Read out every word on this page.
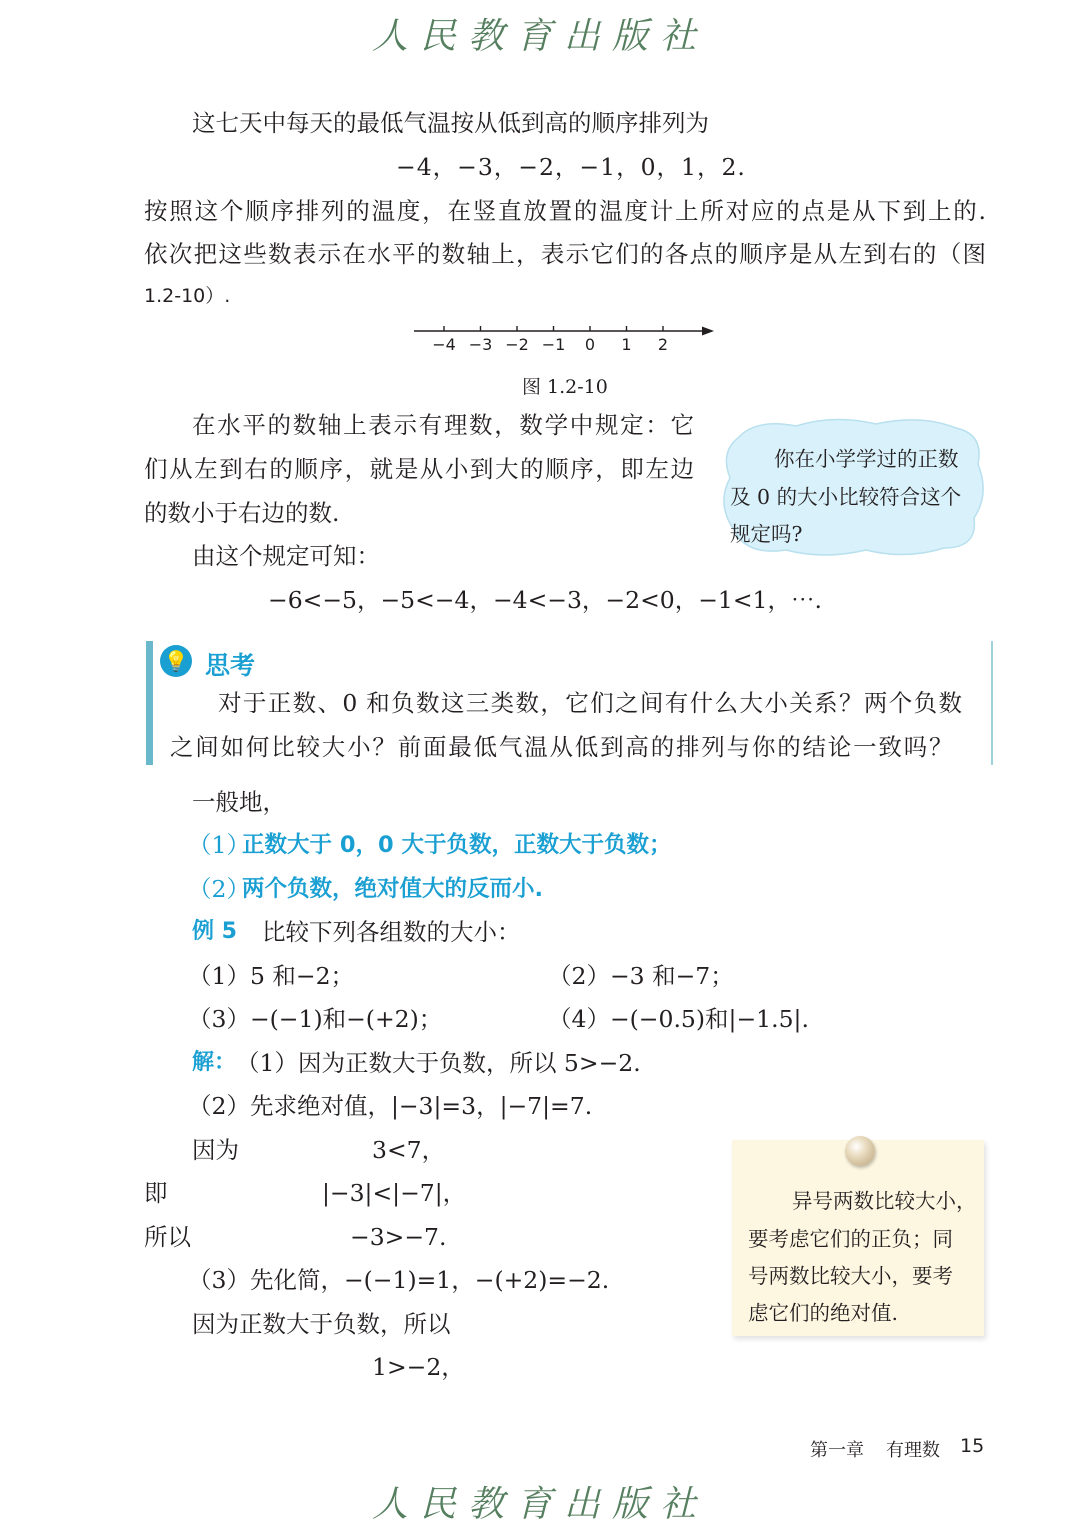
人民教育出版社
这七天中每天的最低气温按从低到高的顺序排列为
−4，−3，−2，−1，0，1，2.
按照这个顺序排列的温度，在竖直放置的温度计上所对应的点是从下到上的.
依次把这些数表示在水平的数轴上，表示它们的各点的顺序是从左到右的（图
1.2-10）.
−4 −3 −2 −1 0 1 2
图 1.2-10
在水平的数轴上表示有理数，数学中规定：它
们从左到右的顺序，就是从小到大的顺序，即左边
的数小于右边的数.
由这个规定可知：
−6<−5，−5<−4，−4<−3，−2<0，−1<1，⋯.
你在小学学过的正数
及 0 的大小比较符合这个
规定吗?
💡 思考
对于正数、0 和负数这三类数，它们之间有什么大小关系？两个负数
之间如何比较大小？前面最低气温从低到高的排列与你的结论一致吗？
一般地，
（1）
正数大于 0，0 大于负数，正数大于负数；
（2）
两个负数，绝对值大的反而小.
例 5 比较下列各组数的大小：
（1）5 和−2；	（2）−3 和−7；
（3）−(−1)和−(+2)；	（4）−(−0.5)和|−1.5|.
解： （1）因为正数大于负数，所以 5>−2.
（2）先求绝对值，|−3|=3，|−7|=7.
因为	3<7，
即	|−3|<|−7|，
所以	−3>−7.
（3）先化简，−(−1)=1，−(+2)=−2.
因为正数大于负数，所以
1>−2，
异号两数比较大小，
要考虑它们的正负；同
号两数比较大小，要考
虑它们的绝对值.
第一章 有理数 15
人民教育出版社
